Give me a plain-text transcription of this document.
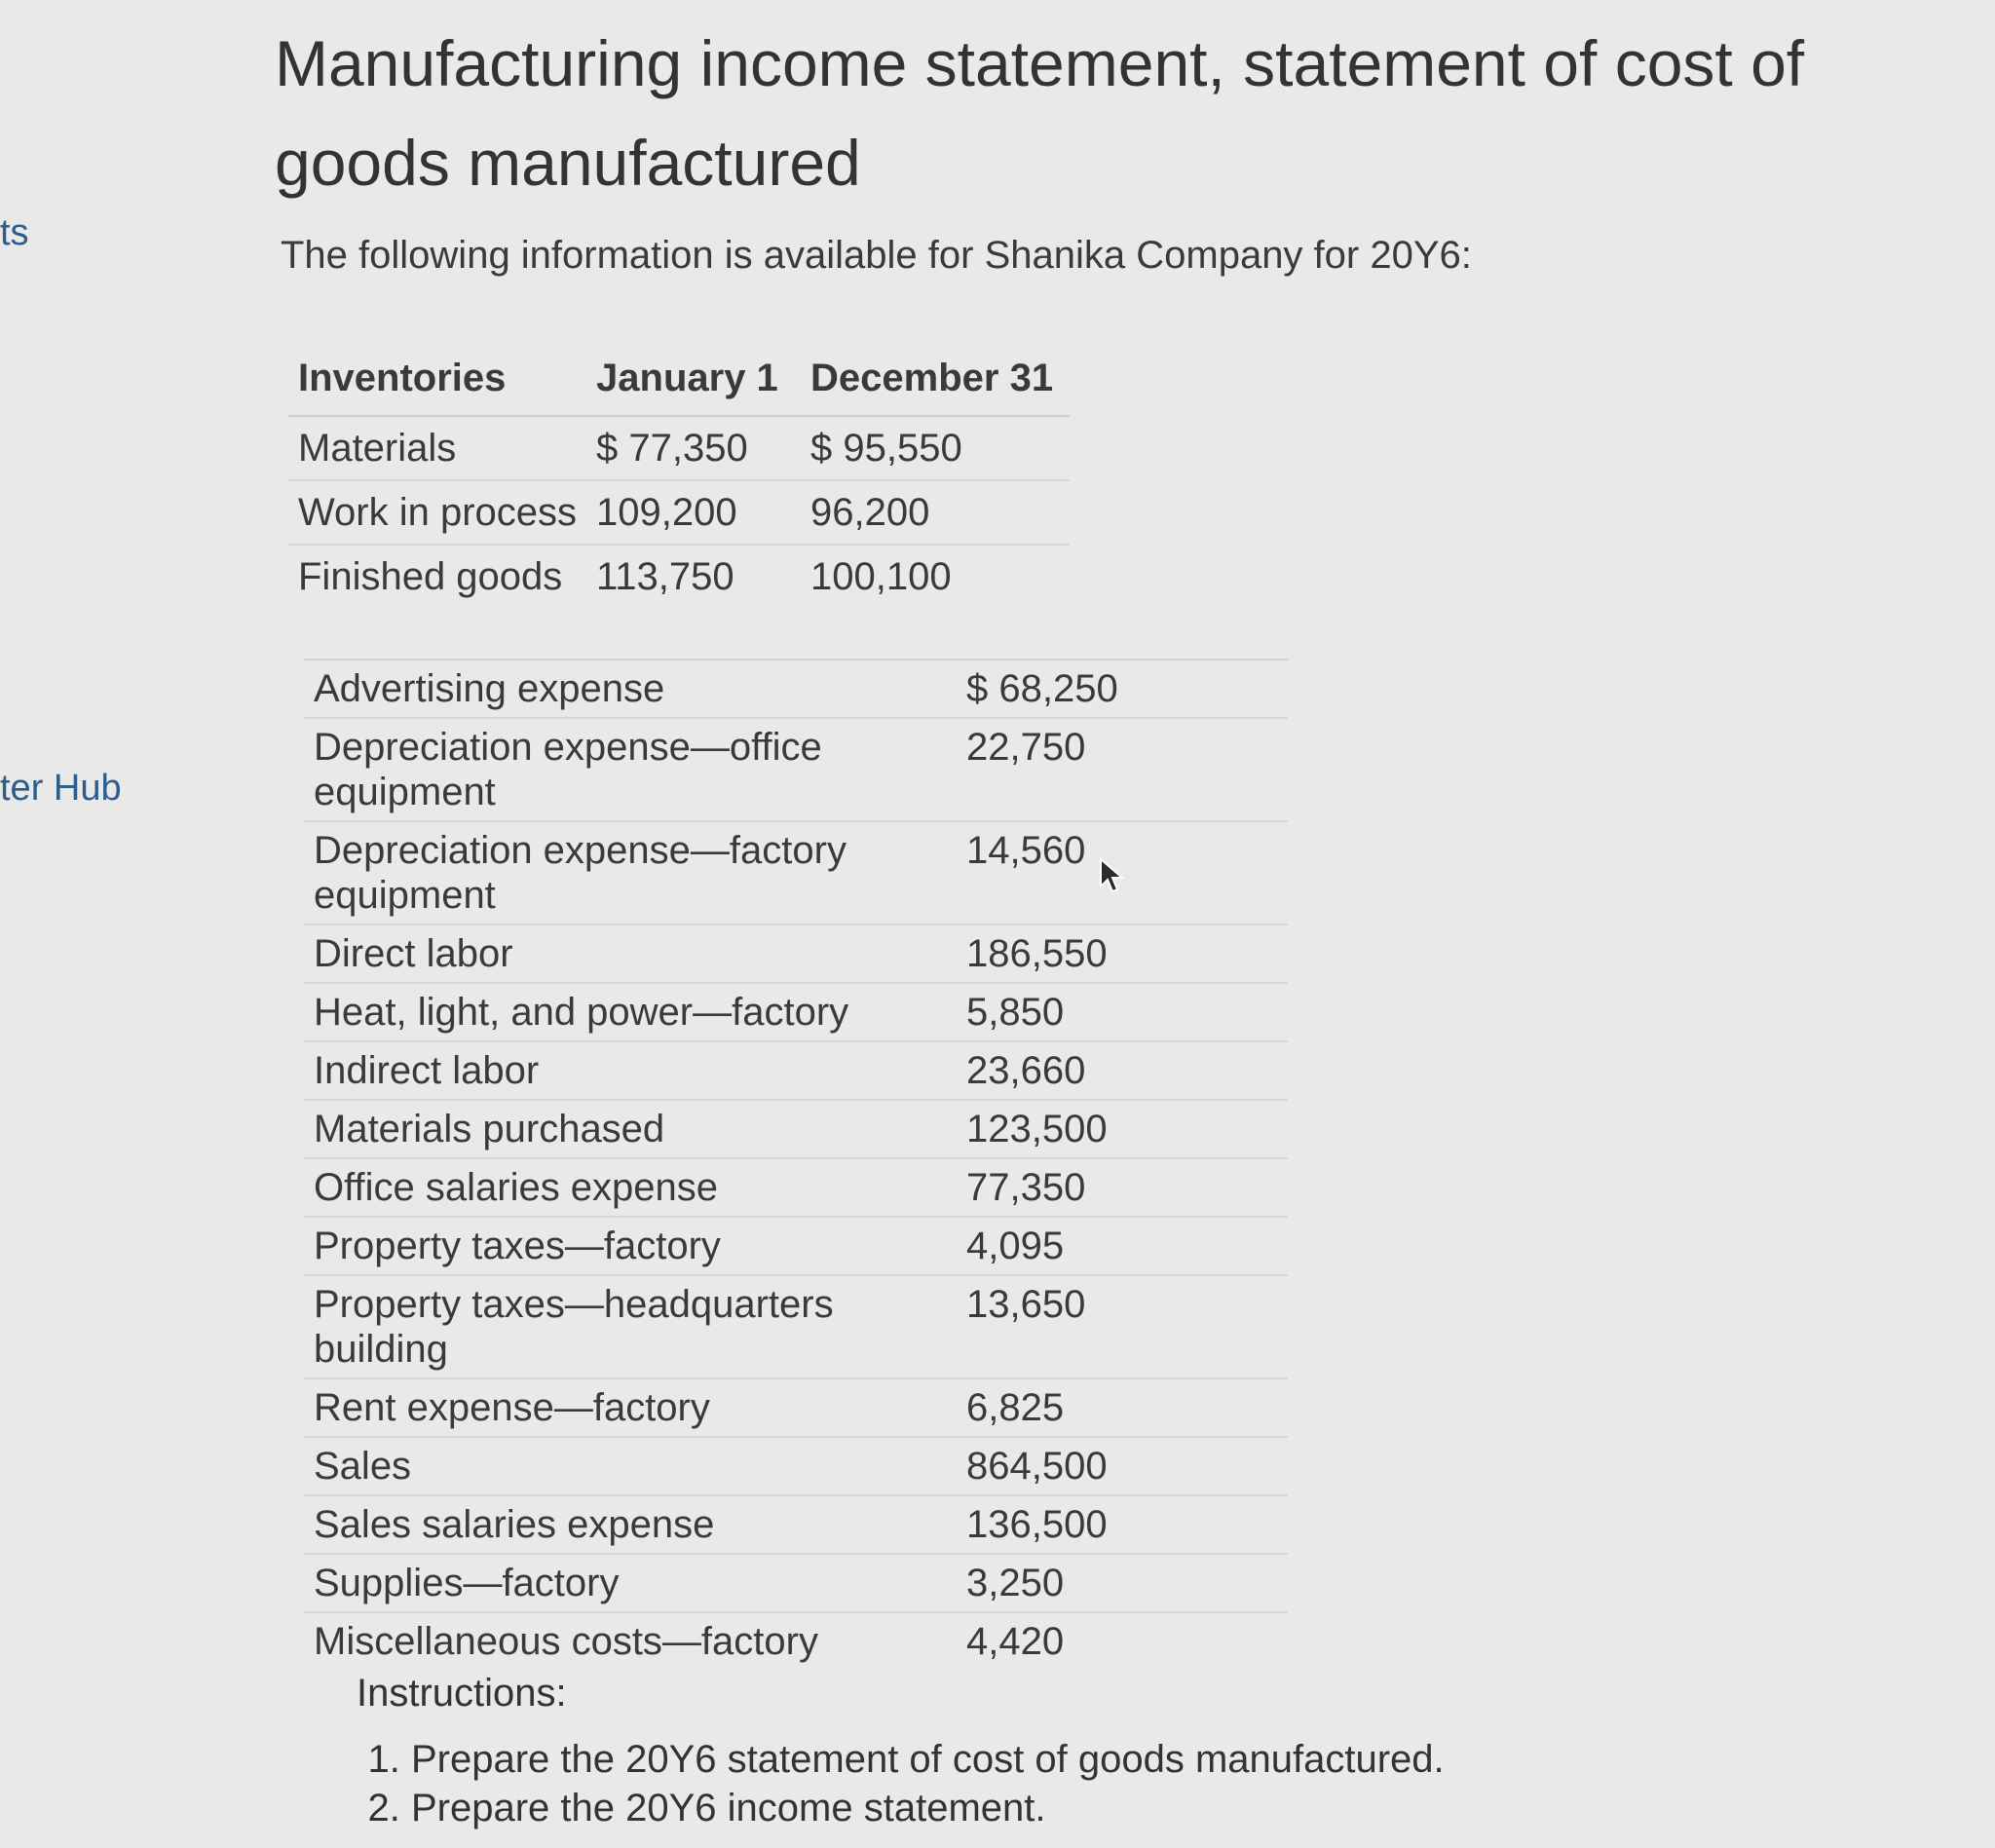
ts
ter Hub
Manufacturing income statement, statement of cost of goods manufactured
The following information is available for Shanika Company for 20Y6:
Inventories	January 1	December 31
Materials	$ 77,350	$ 95,550
Work in process	109,200	96,200
Finished goods	113,750	100,100
Advertising expense	$ 68,250
Depreciation expense—office equipment	22,750
Depreciation expense—factory equipment	14,560
Direct labor	186,550
Heat, light, and power—factory	5,850
Indirect labor	23,660
Materials purchased	123,500
Office salaries expense	77,350
Property taxes—factory	4,095
Property taxes—headquarters building	13,650
Rent expense—factory	6,825
Sales	864,500
Sales salaries expense	136,500
Supplies—factory	3,250
Miscellaneous costs—factory	4,420

Instructions:

1. Prepare the 20Y6 statement of cost of goods manufactured.
2. Prepare the 20Y6 income statement.
